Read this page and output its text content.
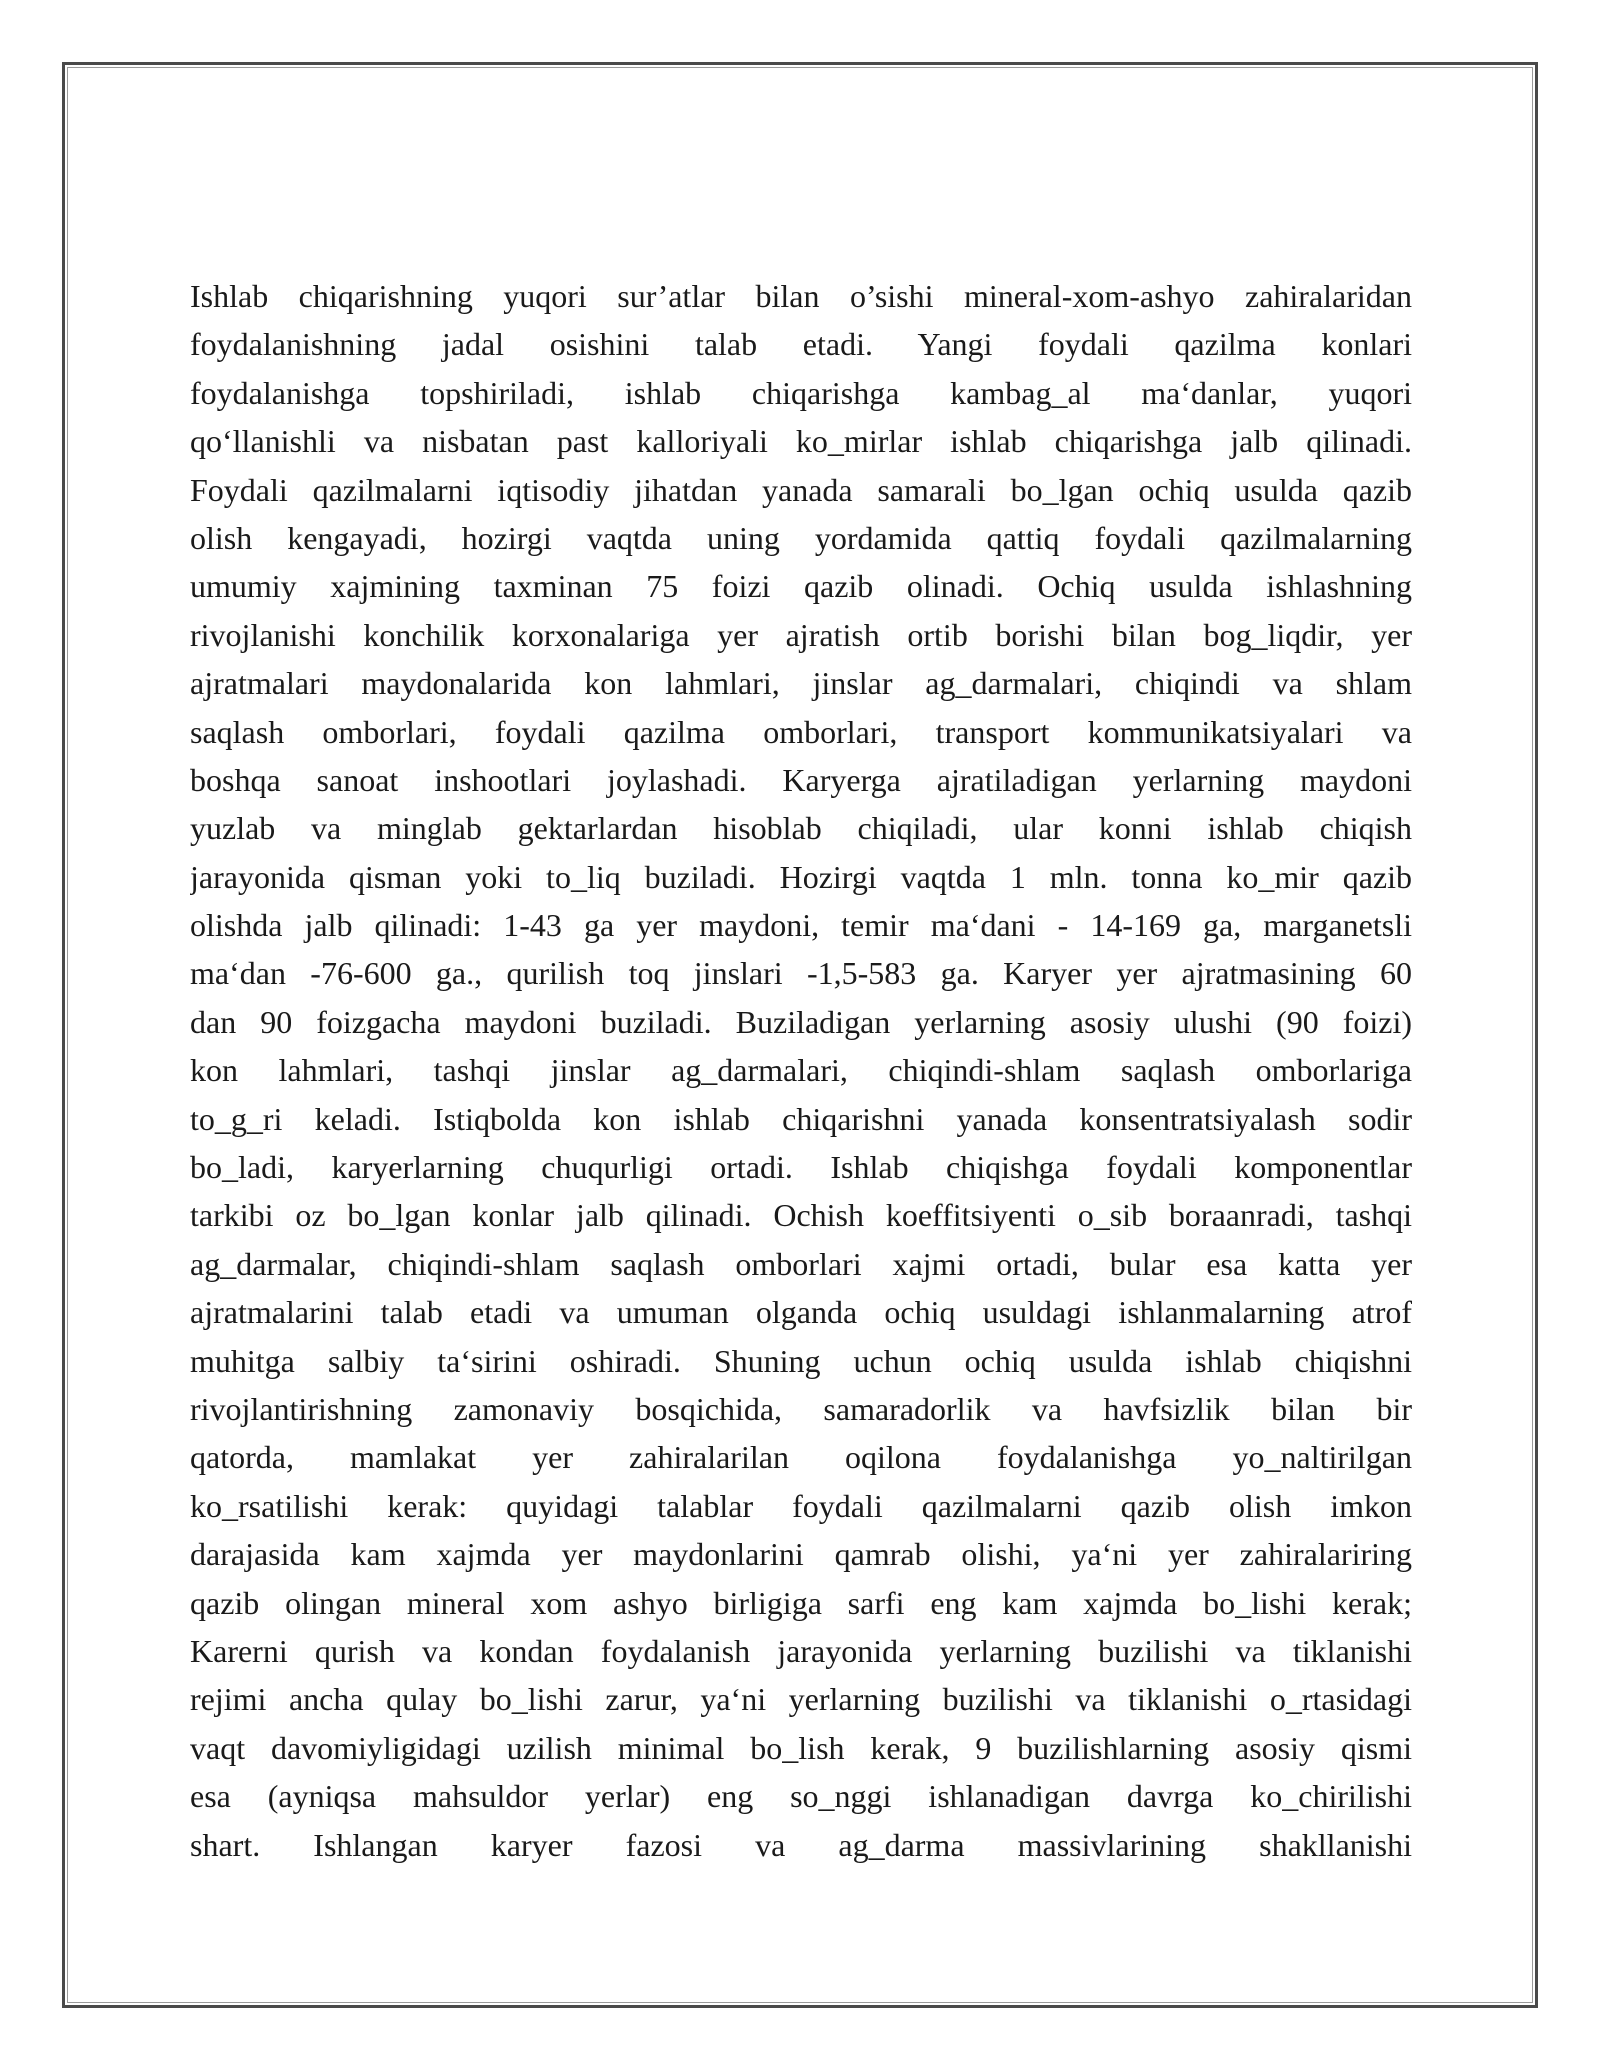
Ishlab chiqarishning yuqori sur’atlar bilan o’sishi mineral-xom-ashyo zahiralaridan
foydalanishning jadal osishini talab etadi. Yangi foydali qazilma konlari
foydalanishga topshiriladi, ishlab chiqarishga kambag_al ma‘danlar, yuqori
qo‘llanishli va nisbatan past kalloriyali ko_mirlar ishlab chiqarishga jalb qilinadi.
Foydali qazilmalarni iqtisodiy jihatdan yanada samarali bo_lgan ochiq usulda qazib
olish kengayadi, hozirgi vaqtda uning yordamida qattiq foydali qazilmalarning
umumiy xajmining taxminan 75 foizi qazib olinadi. Ochiq usulda ishlashning
rivojlanishi konchilik korxonalariga yer ajratish ortib borishi bilan bog_liqdir, yer
ajratmalari maydonalarida kon lahmlari, jinslar ag_darmalari, chiqindi va shlam
saqlash omborlari, foydali qazilma omborlari, transport kommunikatsiyalari va
boshqa sanoat inshootlari joylashadi. Karyerga ajratiladigan yerlarning maydoni
yuzlab va minglab gektarlardan hisoblab chiqiladi, ular konni ishlab chiqish
jarayonida qisman yoki to_liq buziladi. Hozirgi vaqtda 1 mln. tonna ko_mir qazib
olishda jalb qilinadi: 1-43 ga yer maydoni, temir ma‘dani - 14-169 ga, marganetsli
ma‘dan -76-600 ga., qurilish toq jinslari -1,5-583 ga. Karyer yer ajratmasining 60
dan 90 foizgacha maydoni buziladi. Buziladigan yerlarning asosiy ulushi (90 foizi)
kon lahmlari, tashqi jinslar ag_darmalari, chiqindi-shlam saqlash omborlariga
to_g_ri keladi. Istiqbolda kon ishlab chiqarishni yanada konsentratsiyalash sodir
bo_ladi, karyerlarning chuqurligi ortadi. Ishlab chiqishga foydali komponentlar
tarkibi oz bo_lgan konlar jalb qilinadi. Ochish koeffitsiyenti o_sib boraanradi, tashqi
ag_darmalar, chiqindi-shlam saqlash omborlari xajmi ortadi, bular esa katta yer
ajratmalarini talab etadi va umuman olganda ochiq usuldagi ishlanmalarning atrof
muhitga salbiy ta‘sirini oshiradi. Shuning uchun ochiq usulda ishlab chiqishni
rivojlantirishning zamonaviy bosqichida, samaradorlik va havfsizlik bilan bir
qatorda, mamlakat yer zahiralarilan oqilona foydalanishga yo_naltirilgan
ko_rsatilishi kerak: quyidagi talablar foydali qazilmalarni qazib olish imkon
darajasida kam xajmda yer maydonlarini qamrab olishi, ya‘ni yer zahiralariring
qazib olingan mineral xom ashyo birligiga sarfi eng kam xajmda bo_lishi kerak;
Karerni qurish va kondan foydalanish jarayonida yerlarning buzilishi va tiklanishi
rejimi ancha qulay bo_lishi zarur, ya‘ni yerlarning buzilishi va tiklanishi o_rtasidagi
vaqt davomiyligidagi uzilish minimal bo_lish kerak, 9 buzilishlarning asosiy qismi
esa (ayniqsa mahsuldor yerlar) eng so_nggi ishlanadigan davrga ko_chirilishi
shart. Ishlangan karyer fazosi va ag_darma massivlarining shakllanishi
